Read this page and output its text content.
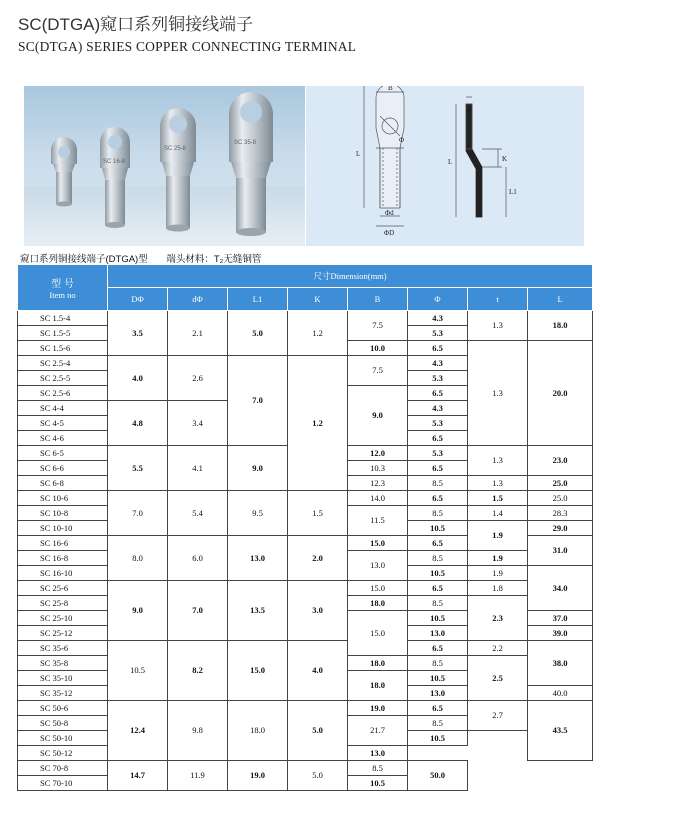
SC(DTGA)窥口系列铜接线端子
SC(DTGA) SERIES COPPER CONNECTING TERMINAL
SC 16-8
SC 25-8
SC 35-8
B
L
Φ
Φd
ΦD
K
L1
L
窥口系列铜接线端子(DTGA)型 端头材料：T₂无缝铜管
型 号
Item no	尺寸Dimension(mm)							
	DΦ	dΦ	L1	K	B	Φ	t	L
SC 1.5-4	3.5	2.1	5.0	1.2	7.5	4.3	1.3	18.0
SC 1.5-5						5.3		
SC 1.5-6					10.0	6.5	1.3	20.0
SC 2.5-4	4.0	2.6	7.0	1.2	7.5	4.3		
SC 2.5-5						5.3		
SC 2.5-6					9.0	6.5		
SC 4-4	4.8	3.4				4.3		
SC 4-5						5.3		
SC 4-6						6.5		
SC 6-5	5.5	4.1	9.0		12.0	5.3	1.3	23.0
SC 6-6					10.3	6.5		
SC 6-8					12.3	8.5	1.3	25.0
SC 10-6	7.0	5.4	9.5	1.5	14.0	6.5	1.5	25.0
SC 10-8					11.5	8.5	1.4	28.3
SC 10-10						10.5	1.9	29.0
SC 16-6	8.0	6.0	13.0	2.0	15.0	6.5		31.0
SC 16-8					13.0	8.5	1.9	
SC 16-10						10.5	1.9	34.0
SC 25-6	9.0	7.0	13.5	3.0	15.0	6.5	1.8	
SC 25-8					18.0	8.5	2.3	
SC 25-10					15.0	10.5		37.0
SC 25-12						13.0		39.0
SC 35-6	10.5	8.2	15.0	4.0		6.5	2.2	38.0
SC 35-8					18.0	8.5	2.5	
SC 35-10					18.0	10.5		
SC 35-12						13.0		40.0
SC 50-6	12.4	9.8	18.0	5.0	19.0	6.5	2.7	43.5
SC 50-8					21.7	8.5		
SC 50-10						10.5		
SC 50-12					13.0			
SC 70-8	14.7	11.9	19.0	5.0	8.5	50.0		
SC 70-10					10.5			
